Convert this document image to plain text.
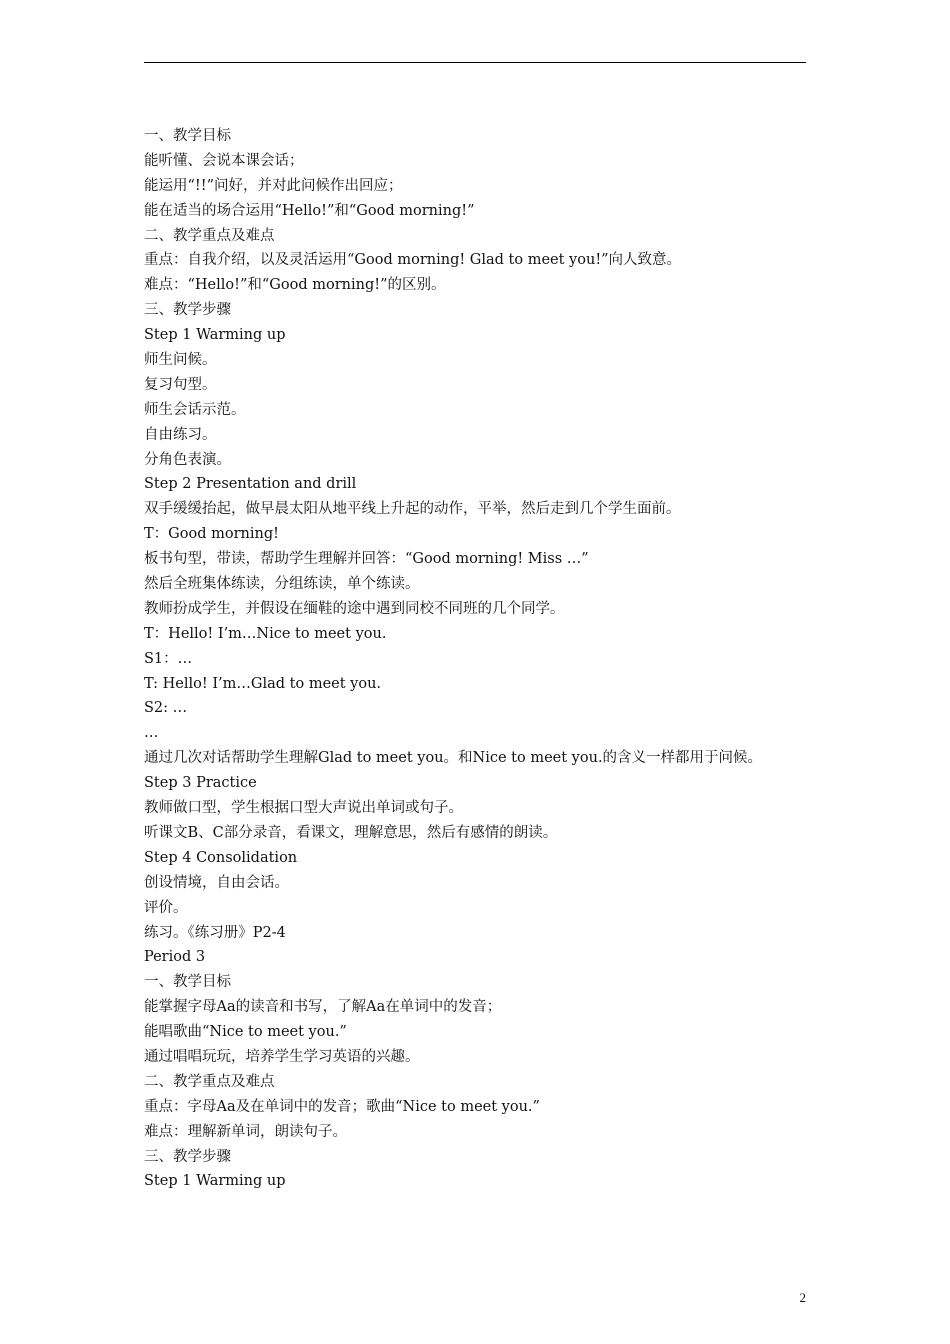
一、教学目标
能听懂、会说本课会话；
能运用“!!”问好，并对此问候作出回应；
能在适当的场合运用“Hello!”和“Good morning!”
二、教学重点及难点
重点：自我介绍，以及灵活运用“Good morning! Glad to meet you!”向人致意。
难点：“Hello!”和“Good morning!”的区别。
三、教学步骤
Step 1 Warming up
师生问候。
复习句型。
师生会话示范。
自由练习。
分角色表演。
Step 2 Presentation and drill
双手缓缓抬起，做早晨太阳从地平线上升起的动作，平举，然后走到几个学生面前。
T：Good morning!
板书句型，带读，帮助学生理解并回答：“Good morning! Miss …”
然后全班集体练读，分组练读，单个练读。
教师扮成学生，并假设在缅鞋的途中遇到同校不同班的几个同学。
T：Hello! I’m…Nice to meet you.
S1：…
T: Hello! I’m…Glad to meet you.
S2: …
…
通过几次对话帮助学生理解Glad to meet you。和Nice to meet you.的含义一样都用于问候。
Step 3 Practice
教师做口型，学生根据口型大声说出单词或句子。
听课文B、C部分录音，看课文，理解意思，然后有感情的朗读。
Step 4 Consolidation
创设情境，自由会话。
评价。
练习。《练习册》P2-4
Period 3
一、教学目标
能掌握字母Aa的读音和书写，了解Aa在单词中的发音；
能唱歌曲“Nice to meet you.”
通过唱唱玩玩，培养学生学习英语的兴趣。
二、教学重点及难点
重点：字母Aa及在单词中的发音；歌曲“Nice to meet you.”
难点：理解新单词，朗读句子。
三、教学步骤
Step 1 Warming up
2
